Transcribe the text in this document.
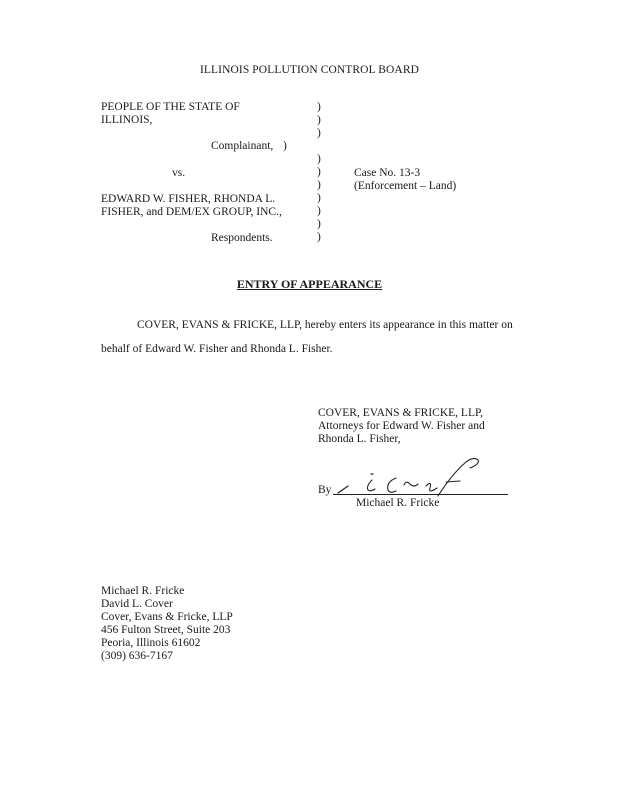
ILLINOIS POLLUTION CONTROL BOARD
PEOPLE OF THE STATE OF
ILLINOIS,
Complainant, )
vs.
EDWARD W. FISHER, RHONDA L.
FISHER, and DEM/EX GROUP, INC.,
Respondents.
)
)
)
)
)
)
)
)
)
)
Case No. 13-3
(Enforcement – Land)
ENTRY OF APPEARANCE
COVER, EVANS & FRICKE, LLP, hereby enters its appearance in this matter on behalf of Edward W. Fisher and Rhonda L. Fisher.
COVER, EVANS & FRICKE, LLP,
Attorneys for Edward W. Fisher and
Rhonda L. Fisher,
By
Michael R. Fricke
Michael R. Fricke
David L. Cover
Cover, Evans & Fricke, LLP
456 Fulton Street, Suite 203
Peoria, Illinois 61602
(309) 636-7167
